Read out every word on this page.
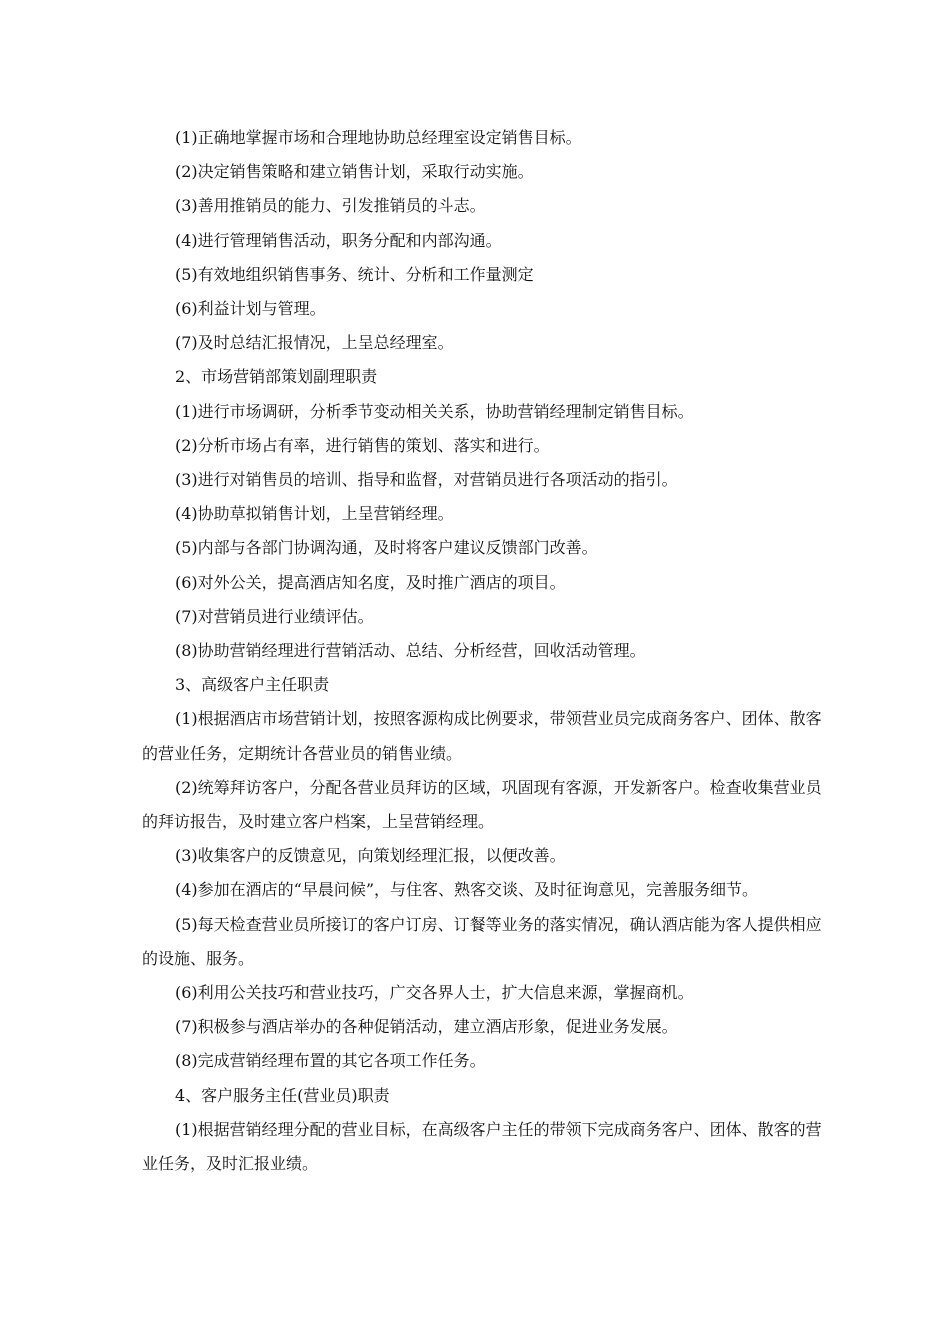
(1)正确地掌握市场和合理地协助总经理室设定销售目标。

(2)决定销售策略和建立销售计划，采取行动实施。

(3)善用推销员的能力、引发推销员的斗志。

(4)进行管理销售活动，职务分配和内部沟通。

(5)有效地组织销售事务、统计、分析和工作量测定

(6)利益计划与管理。

(7)及时总结汇报情况，上呈总经理室。

2、市场营销部策划副理职责

(1)进行市场调研，分析季节变动相关关系，协助营销经理制定销售目标。

(2)分析市场占有率，进行销售的策划、落实和进行。

(3)进行对销售员的培训、指导和监督，对营销员进行各项活动的指引。

(4)协助草拟销售计划，上呈营销经理。

(5)内部与各部门协调沟通，及时将客户建议反馈部门改善。

(6)对外公关，提高酒店知名度，及时推广酒店的项目。

(7)对营销员进行业绩评估。

(8)协助营销经理进行营销活动、总结、分析经营，回收活动管理。

3、高级客户主任职责

(1)根据酒店市场营销计划，按照客源构成比例要求，带领营业员完成商务客户、团体、散客的营业任务，定期统计各营业员的销售业绩。

(2)统筹拜访客户，分配各营业员拜访的区域，巩固现有客源，开发新客户。检查收集营业员的拜访报告，及时建立客户档案，上呈营销经理。

(3)收集客户的反馈意见，向策划经理汇报，以便改善。

(4)参加在酒店的“早晨问候”，与住客、熟客交谈、及时征询意见，完善服务细节。

(5)每天检查营业员所接订的客户订房、订餐等业务的落实情况，确认酒店能为客人提供相应的设施、服务。

(6)利用公关技巧和营业技巧，广交各界人士，扩大信息来源，掌握商机。

(7)积极参与酒店举办的各种促销活动，建立酒店形象，促进业务发展。

(8)完成营销经理布置的其它各项工作任务。

4、客户服务主任(营业员)职责

(1)根据营销经理分配的营业目标，在高级客户主任的带领下完成商务客户、团体、散客的营业任务，及时汇报业绩。
